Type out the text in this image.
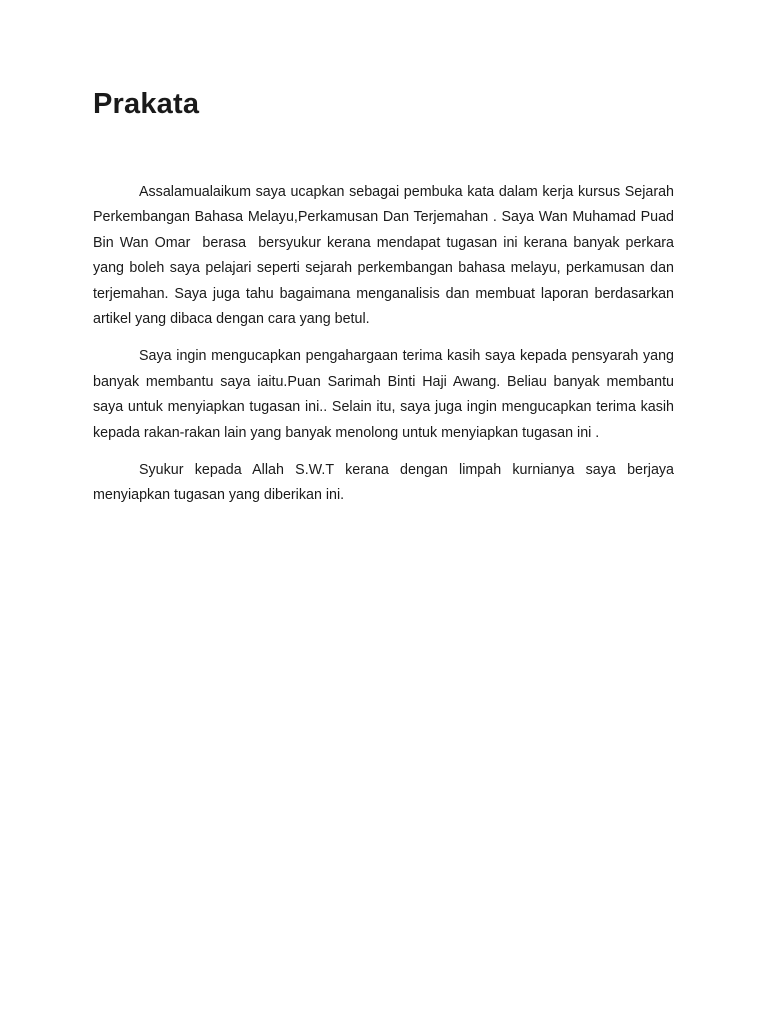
Prakata

Assalamualaikum saya ucapkan sebagai pembuka kata dalam kerja kursus Sejarah Perkembangan Bahasa Melayu,Perkamusan Dan Terjemahan . Saya Wan Muhamad Puad Bin Wan Omar  berasa  bersyukur kerana mendapat tugasan ini kerana banyak perkara yang boleh saya pelajari seperti sejarah perkembangan bahasa melayu, perkamusan dan terjemahan. Saya juga tahu bagaimana menganalisis dan membuat laporan berdasarkan artikel yang dibaca dengan cara yang betul.

Saya ingin mengucapkan pengahargaan terima kasih saya kepada pensyarah yang banyak membantu saya iaitu.Puan Sarimah Binti Haji Awang. Beliau banyak membantu saya untuk menyiapkan tugasan ini.. Selain itu, saya juga ingin mengucapkan terima kasih kepada rakan-rakan lain yang banyak menolong untuk menyiapkan tugasan ini .

Syukur kepada Allah S.W.T kerana dengan limpah kurnianya saya berjaya menyiapkan tugasan yang diberikan ini.
